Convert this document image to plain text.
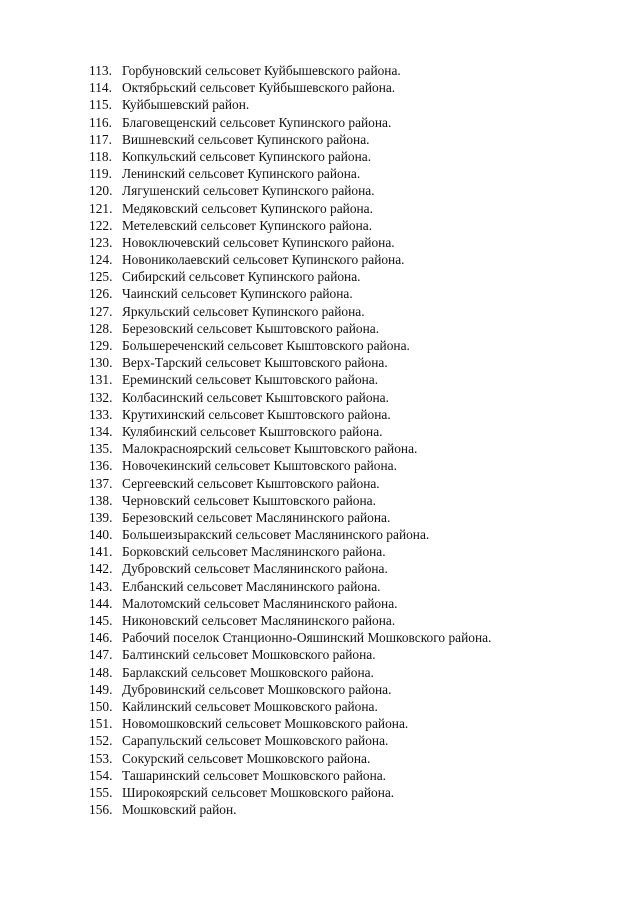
113. Горбуновский сельсовет Куйбышевского района.
114. Октябрьский сельсовет Куйбышевского района.
115. Куйбышевский район.
116. Благовещенский сельсовет Купинского района.
117. Вишневский сельсовет Купинского района.
118. Копкульский сельсовет Купинского района.
119. Ленинский сельсовет Купинского района.
120. Лягушенский сельсовет Купинского района.
121. Медяковский сельсовет Купинского района.
122. Метелевский сельсовет Купинского района.
123. Новоключевский сельсовет Купинского района.
124. Новониколаевский сельсовет Купинского района.
125. Сибирский сельсовет Купинского района.
126. Чаинский сельсовет Купинского района.
127. Яркульский сельсовет Купинского района.
128. Березовский сельсовет Кыштовского района.
129. Большереченский сельсовет Кыштовского района.
130. Верх-Тарский сельсовет Кыштовского района.
131. Ереминский сельсовет Кыштовского района.
132. Колбасинский сельсовет Кыштовского района.
133. Крутихинский сельсовет Кыштовского района.
134. Кулябинский сельсовет Кыштовского района.
135. Малокрасноярский сельсовет Кыштовского района.
136. Новочекинский сельсовет Кыштовского района.
137. Сергеевский сельсовет Кыштовского района.
138. Черновский сельсовет Кыштовского района.
139. Березовский сельсовет Маслянинского района.
140. Большеизыракский сельсовет Маслянинского района.
141. Борковский сельсовет Маслянинского района.
142. Дубровский сельсовет Маслянинского района.
143. Елбанский сельсовет Маслянинского района.
144. Малотомский сельсовет Маслянинского района.
145. Никоновский сельсовет Маслянинского района.
146. Рабочий поселок Станционно-Ояшинский Мошковского района.
147. Балтинский сельсовет Мошковского района.
148. Барлакский сельсовет Мошковского района.
149. Дубровинский сельсовет Мошковского района.
150. Кайлинский сельсовет Мошковского района.
151. Новомошковский сельсовет Мошковского района.
152. Сарапульский сельсовет Мошковского района.
153. Сокурский сельсовет Мошковского района.
154. Ташаринский сельсовет Мошковского района.
155. Широкоярский сельсовет Мошковского района.
156. Мошковский район.
